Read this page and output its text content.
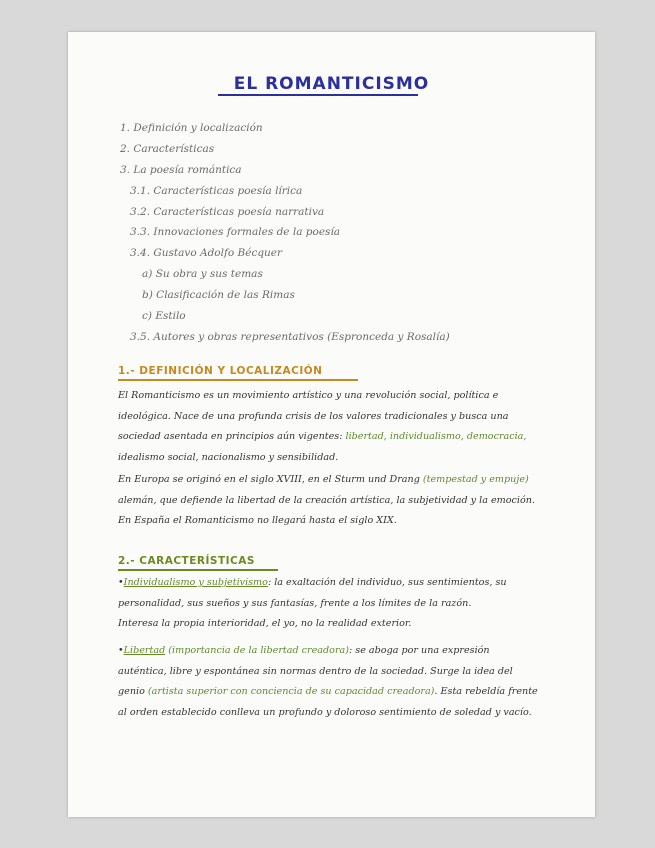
EL ROMANTICISMO
1. Definición y localización
2. Características
3. La poesía romántica
3.1. Características poesía lírica
3.2. Características poesía narrativa
3.3. Innovaciones formales de la poesía
3.4. Gustavo Adolfo Bécquer
a) Su obra y sus temas
b) Clasificación de las Rimas
c) Estilo
3.5. Autores y obras representativos (Espronceda y Rosalía)
1.- DEFINICIÓN Y LOCALIZACIÓN
El Romanticismo es un movimiento artístico y una revolución social, política e
ideológica. Nace de una profunda crisis de los valores tradicionales y busca una
sociedad asentada en principios aún vigentes: libertad, individualismo, democracia,
idealismo social, nacionalismo y sensibilidad.
En Europa se originó en el siglo XVIII, en el Sturm und Drang (tempestad y empuje)
alemán, que defiende la libertad de la creación artística, la subjetividad y la emoción.
En España el Romanticismo no llegará hasta el siglo XIX.
2.- CARACTERÍSTICAS
•Individualismo y subjetivismo: la exaltación del individuo, sus sentimientos, su
personalidad, sus sueños y sus fantasías, frente a los límites de la razón.
Interesa la propia interioridad, el yo, no la realidad exterior.
•Libertad (importancia de la libertad creadora): se aboga por una expresión
auténtica, libre y espontánea sin normas dentro de la sociedad. Surge la idea del
genio (artista superior con conciencia de su capacidad creadora). Esta rebeldía frente
al orden establecido conlleva un profundo y doloroso sentimiento de soledad y vacío.
